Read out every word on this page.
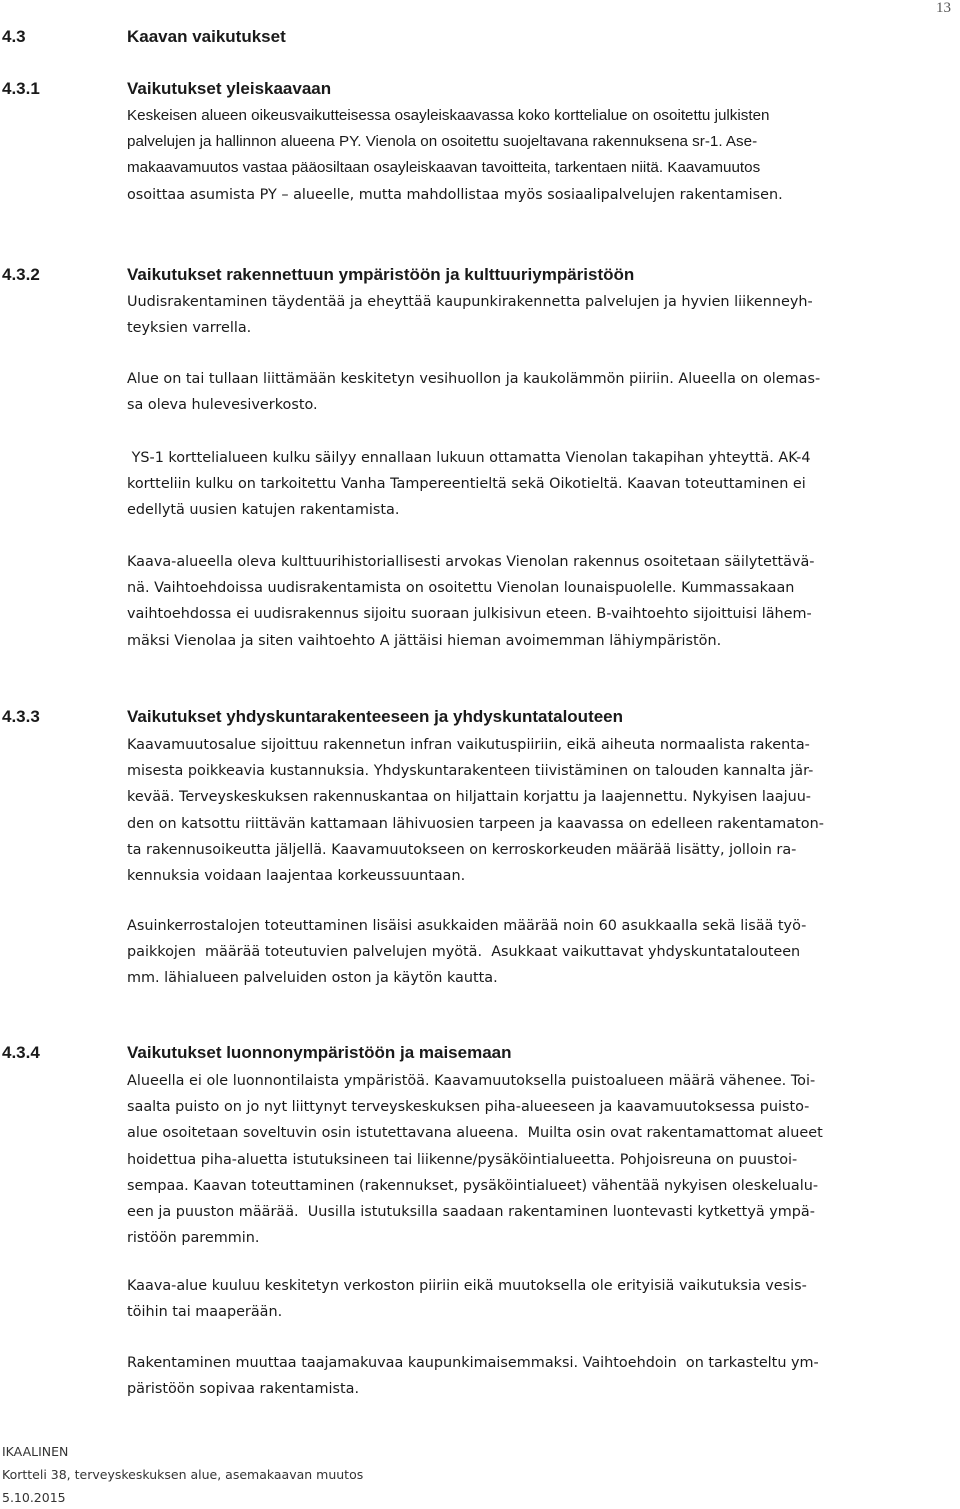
13
4.3	Kaavan vaikutukset
4.3.1	Vaikutukset yleiskaavaan
Keskeisen alueen oikeusvaikutteisessa osayleiskaavassa koko korttelialue on osoitettu julkisten
palvelujen ja hallinnon alueena PY. Vienola on osoitettu suojeltavana rakennuksena sr-1. Ase-
makaavamuutos vastaa pääosiltaan osayleiskaavan tavoitteita, tarkentaen niitä. Kaavamuutos
osoittaa asumista PY – alueelle, mutta mahdollistaa myös sosiaalipalvelujen rakentamisen.
4.3.2	Vaikutukset rakennettuun ympäristöön ja kulttuuriympäristöön
Uudisrakentaminen täydentää ja eheyttää kaupunkirakennetta palvelujen ja hyvien liikenneyh-
teyksien varrella.
Alue on tai tullaan liittämään keskitetyn vesihuollon ja kaukolämmön piiriin. Alueella on olemas-
sa oleva hulevesiverkosto.
YS-1 korttelialueen kulku säilyy ennallaan lukuun ottamatta Vienolan takapihan yhteyttä. AK-4
kortteliin kulku on tarkoitettu Vanha Tampereentieltä sekä Oikotieltä. Kaavan toteuttaminen ei
edellytä uusien katujen rakentamista.
Kaava-alueella oleva kulttuurihistoriallisesti arvokas Vienolan rakennus osoitetaan säilytettävä-
nä. Vaihtoehdoissa uudisrakentamista on osoitettu Vienolan lounaispuolelle. Kummassakaan
vaihtoehdossa ei uudisrakennus sijoitu suoraan julkisivun eteen. B-vaihtoehto sijoittuisi lähem-
mäksi Vienolaa ja siten vaihtoehto A jättäisi hieman avoimemman lähiympäristön.
4.3.3	Vaikutukset yhdyskuntarakenteeseen ja yhdyskuntatalouteen
Kaavamuutosalue sijoittuu rakennetun infran vaikutuspiiriin, eikä aiheuta normaalista rakenta-
misesta poikkeavia kustannuksia. Yhdyskuntarakenteen tiivistäminen on talouden kannalta jär-
kevää. Terveyskeskuksen rakennuskantaa on hiljattain korjattu ja laajennettu. Nykyisen laajuu-
den on katsottu riittävän kattamaan lähivuosien tarpeen ja kaavassa on edelleen rakentamaton-
ta rakennusoikeutta jäljellä. Kaavamuutokseen on kerroskorkeuden määrää lisätty, jolloin ra-
kennuksia voidaan laajentaa korkeussuuntaan.
Asuinkerrostalojen toteuttaminen lisäisi asukkaiden määrää noin 60 asukkaalla sekä lisää työ-
paikkojen  määrää toteutuvien palvelujen myötä.  Asukkaat vaikuttavat yhdyskuntatalouteen
mm. lähialueen palveluiden oston ja käytön kautta.
4.3.4	Vaikutukset luonnonympäristöön ja maisemaan
Alueella ei ole luonnontilaista ympäristöä. Kaavamuutoksella puistoalueen määrä vähenee. Toi-
saalta puisto on jo nyt liittynyt terveyskeskuksen piha-alueeseen ja kaavamuutoksessa puisto-
alue osoitetaan soveltuvin osin istutettavana alueena.  Muilta osin ovat rakentamattomat alueet
hoidettua piha-aluetta istutuksineen tai liikenne/pysäköintialueetta. Pohjoisreuna on puustoi-
sempaa. Kaavan toteuttaminen (rakennukset, pysäköintialueet) vähentää nykyisen oleskelualu-
een ja puuston määrää.  Uusilla istutuksilla saadaan rakentaminen luontevasti kytkettyä ympä-
ristöön paremmin.
Kaava-alue kuuluu keskitetyn verkoston piiriin eikä muutoksella ole erityisiä vaikutuksia vesis-
töihin tai maaperään.
Rakentaminen muuttaa taajamakuvaa kaupunkimaisemmaksi. Vaihtoehdoin  on tarkasteltu ym-
päristöön sopivaa rakentamista.
IKAALINEN
Kortteli 38, terveyskeskuksen alue, asemakaavan muutos
5.10.2015
